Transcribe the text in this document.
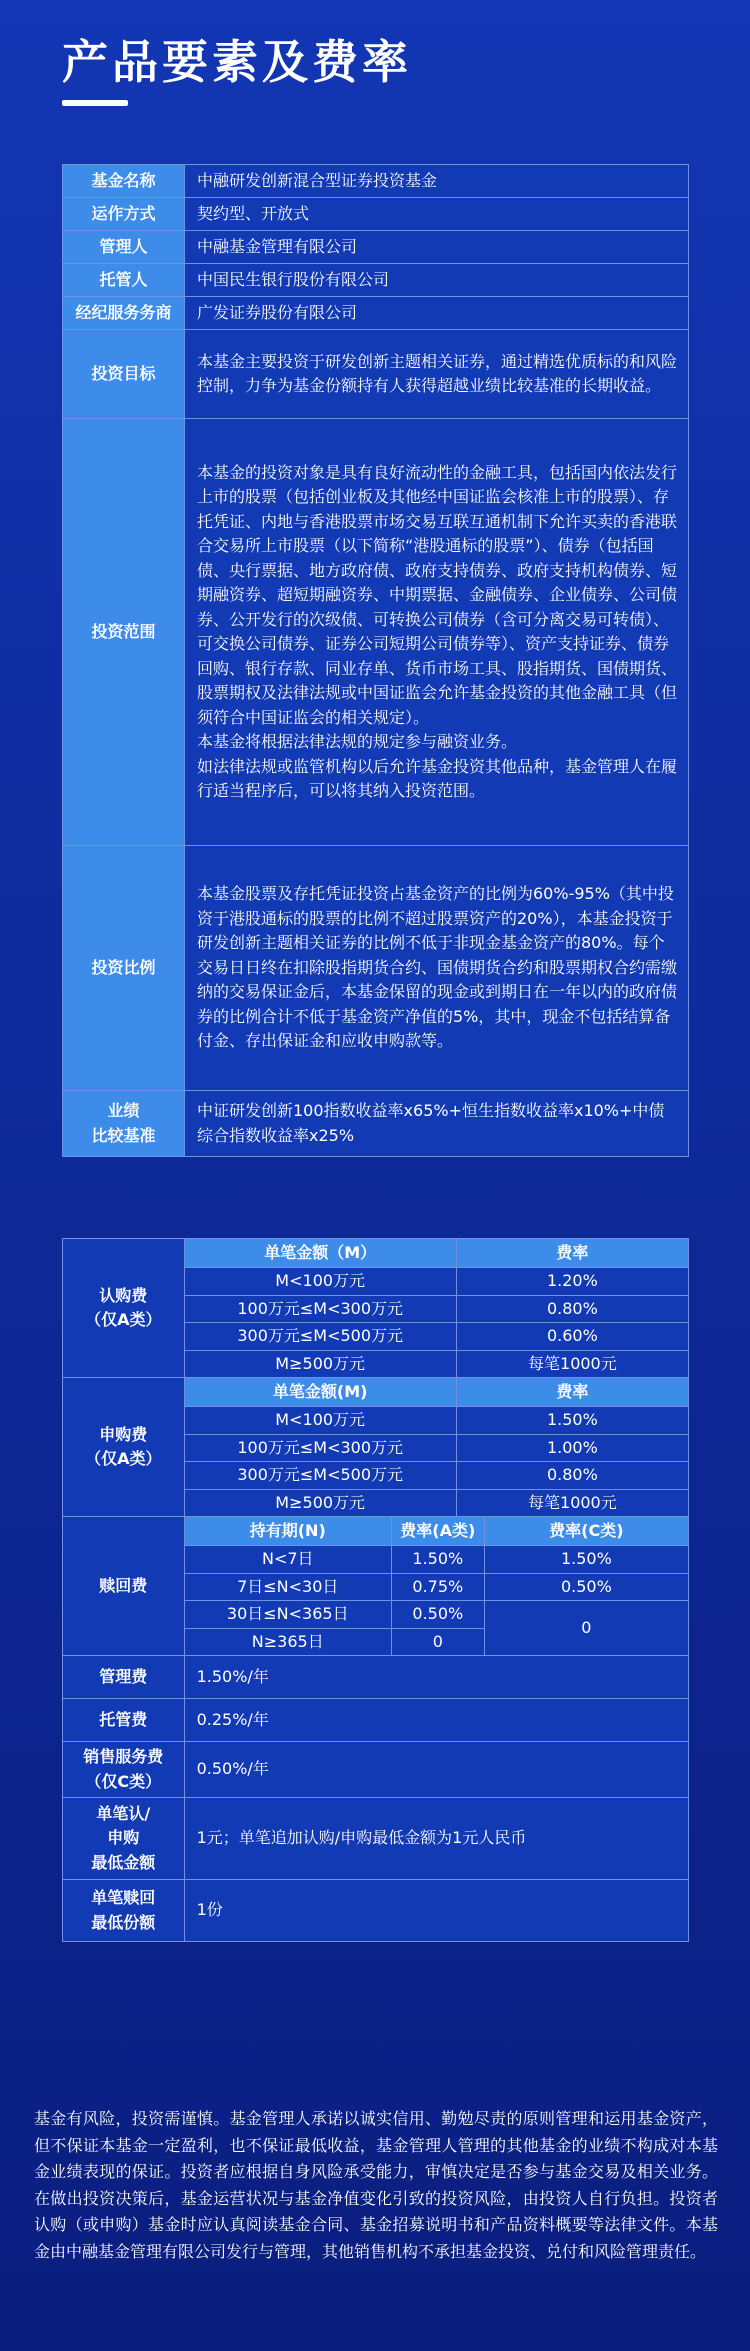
产品要素及费率
基金名称	中融研发创新混合型证券投资基金
运作方式	契约型、开放式
管理人	中融基金管理有限公司
托管人	中国民生银行股份有限公司
经纪服务务商	广发证券股份有限公司
投资目标	本基金主要投资于研发创新主题相关证券，通过精选优质标的和风险控制，力争为基金份额持有人获得超越业绩比较基准的长期收益。
投资范围	本基金的投资对象是具有良好流动性的金融工具，包括国内依法发行上市的股票（包括创业板及其他经中国证监会核准上市的股票）、存托凭证、内地与香港股票市场交易互联互通机制下允许买卖的香港联合交易所上市股票（以下简称“港股通标的股票”）、债券（包括国债、央行票据、地方政府债、政府支持债券、政府支持机构债券、短期融资券、超短期融资券、中期票据、金融债券、企业债券、公司债券、公开发行的次级债、可转换公司债券（含可分离交易可转债）、可交换公司债券、证券公司短期公司债券等）、资产支持证券、债券回购、银行存款、同业存单、货币市场工具、股指期货、国债期货、股票期权及法律法规或中国证监会允许基金投资的其他金融工具（但须符合中国证监会的相关规定）。
本基金将根据法律法规的规定参与融资业务。
如法律法规或监管机构以后允许基金投资其他品种，基金管理人在履行适当程序后，可以将其纳入投资范围。

投资比例	本基金股票及存托凭证投资占基金资产的比例为60%-95%（其中投资于港股通标的股票的比例不超过股票资产的20%），本基金投资于研发创新主题相关证券的比例不低于非现金基金资产的80%。每个交易日日终在扣除股指期货合约、国债期货合约和股票期权合约需缴纳的交易保证金后，本基金保留的现金或到期日在一年以内的政府债券的比例合计不低于基金资产净值的5%，其中，现金不包括结算备付金、存出保证金和应收申购款等。

业绩
比较基准	中证研发创新100指数收益率x65%+恒生指数收益率x10%+中债综合指数收益率x25%
认购费
（仅A类）	单笔金额（M）		费率	
	M<100万元		1.20%	
	100万元≤M<300万元		0.80%	
	300万元≤M<500万元		0.60%	
	M≥500万元		每笔1000元	

申购费
（仅A类）	单笔金额(M)		费率	
	M<100万元		1.50%	
	100万元≤M<300万元		1.00%	
	300万元≤M<500万元		0.80%	
	M≥500万元		每笔1000元	
赎回费	持有期(N)	费率(A类)		费率(C类)
	N<7日	1.50%		1.50%
	7日≤N<30日	0.75%		0.50%
	30日≤N<365日	0.50%		0
	N≥365日	0		
管理费	1.50%/年			
托管费	0.25%/年			

销售服务费
（仅C类）	0.50%/年			

单笔认/
申购
最低金额	1元；单笔追加认购/申购最低金额为1元人民币			

单笔赎回
最低份额	1份			
基金有风险，投资需谨慎。基金管理人承诺以诚实信用、勤勉尽责的原则管理和运用基金资产，但不保证本基金一定盈利，也不保证最低收益，基金管理人管理的其他基金的业绩不构成对本基金业绩表现的保证。投资者应根据自身风险承受能力，审慎决定是否参与基金交易及相关业务。在做出投资决策后，基金运营状况与基金净值变化引致的投资风险，由投资人自行负担。投资者认购（或申购）基金时应认真阅读基金合同、基金招募说明书和产品资料概要等法律文件。本基金由中融基金管理有限公司发行与管理，其他销售机构不承担基金投资、兑付和风险管理责任。
